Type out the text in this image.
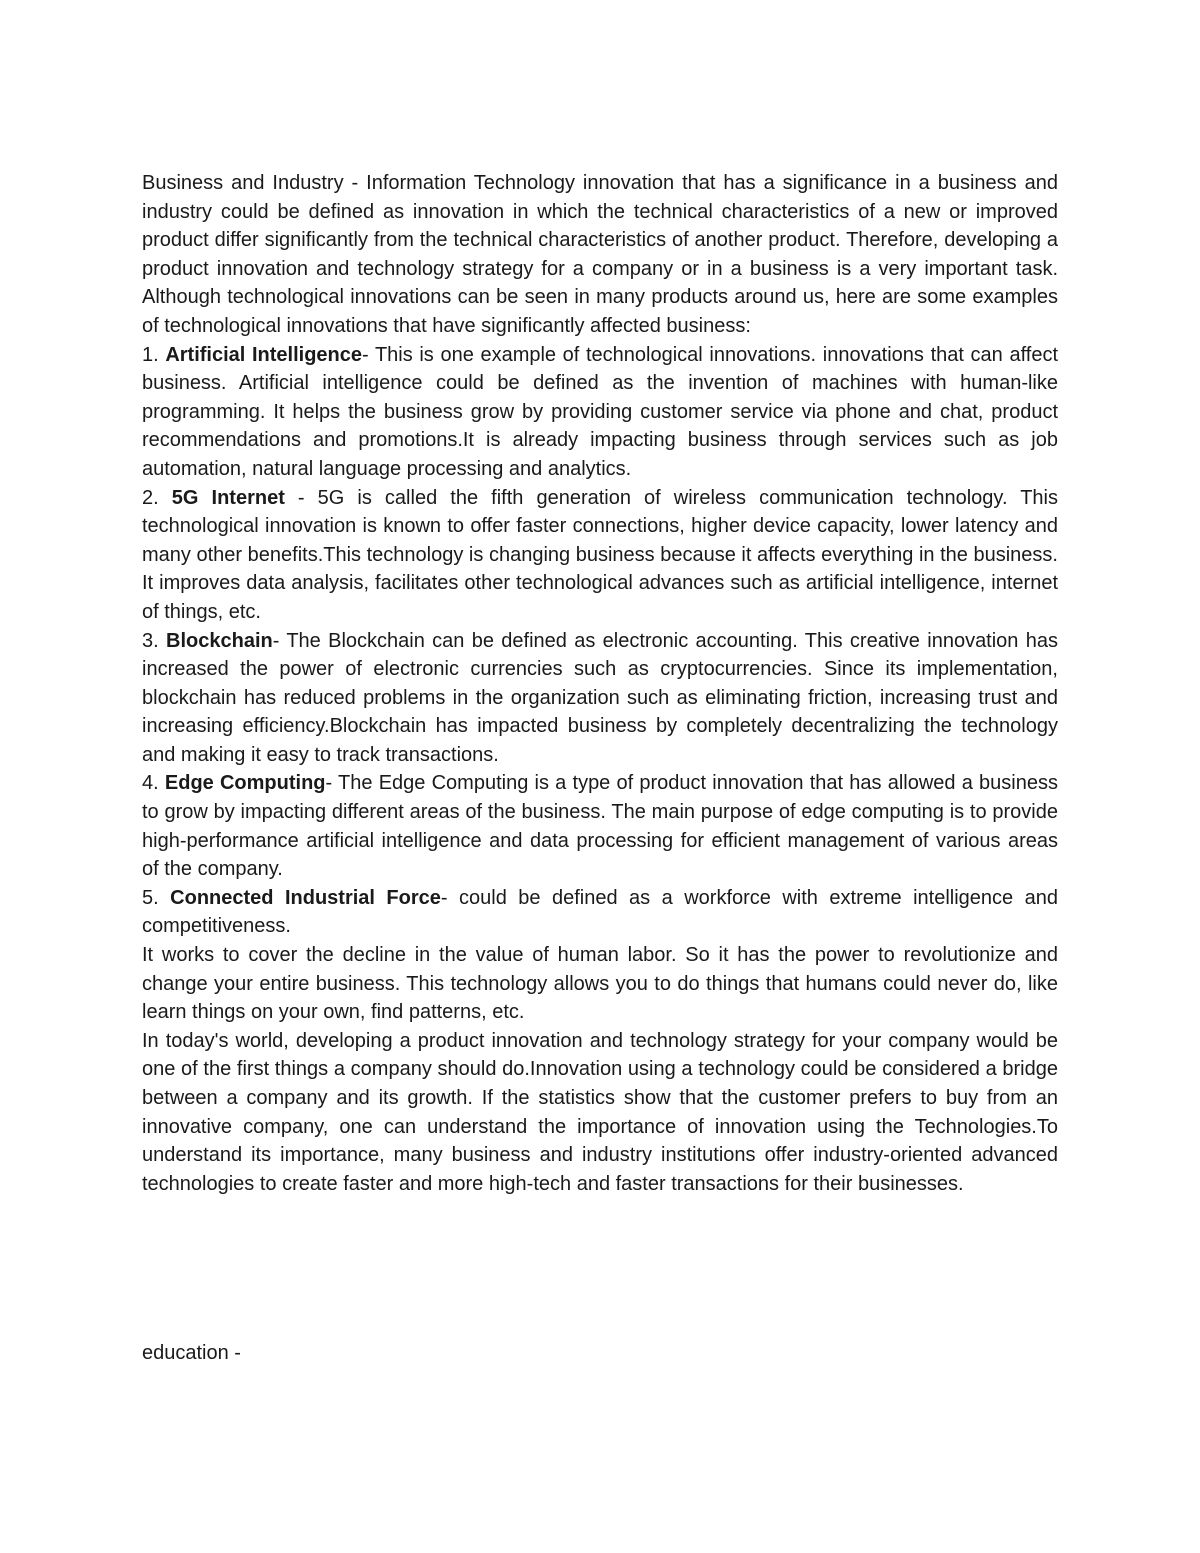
Business and Industry - Information Technology innovation that has a significance in a business and industry could be defined as innovation in which the technical characteristics of a new or improved product differ significantly from the technical characteristics of another product. Therefore, developing a product innovation and technology strategy for a company or in a business is a very important task. Although technological innovations can be seen in many products around us, here are some examples of technological innovations that have significantly affected business:

1. Artificial Intelligence- This is one example of technological innovations. innovations that can affect business. Artificial intelligence could be defined as the invention of machines with human-like programming. It helps the business grow by providing customer service via phone and chat, product recommendations and promotions.It is already impacting business through services such as job automation, natural language processing and analytics.

2. 5G Internet - 5G is called the fifth generation of wireless communication technology. This technological innovation is known to offer faster connections, higher device capacity, lower latency and many other benefits.This technology is changing business because it affects everything in the business. It improves data analysis, facilitates other technological advances such as artificial intelligence, internet of things, etc.

3. Blockchain- The Blockchain can be defined as electronic accounting. This creative innovation has increased the power of electronic currencies such as cryptocurrencies. Since its implementation, blockchain has reduced problems in the organization such as eliminating friction, increasing trust and increasing efficiency.Blockchain has impacted business by completely decentralizing the technology and making it easy to track transactions.

4. Edge Computing- The Edge Computing is a type of product innovation that has allowed a business to grow by impacting different areas of the business. The main purpose of edge computing is to provide high-performance artificial intelligence and data processing for efficient management of various areas of the company.

5. Connected Industrial Force- could be defined as a workforce with extreme intelligence and competitiveness.

It works to cover the decline in the value of human labor. So it has the power to revolutionize and change your entire business. This technology allows you to do things that humans could never do, like learn things on your own, find patterns, etc.

In today's world, developing a product innovation and technology strategy for your company would be one of the first things a company should do.Innovation using a technology could be considered a bridge between a company and its growth. If the statistics show that the customer prefers to buy from an innovative company, one can understand the importance of innovation using the Technologies.To understand its importance, many business and industry institutions offer industry-oriented advanced technologies to create faster and more high-tech and faster transactions for their businesses.

education -
